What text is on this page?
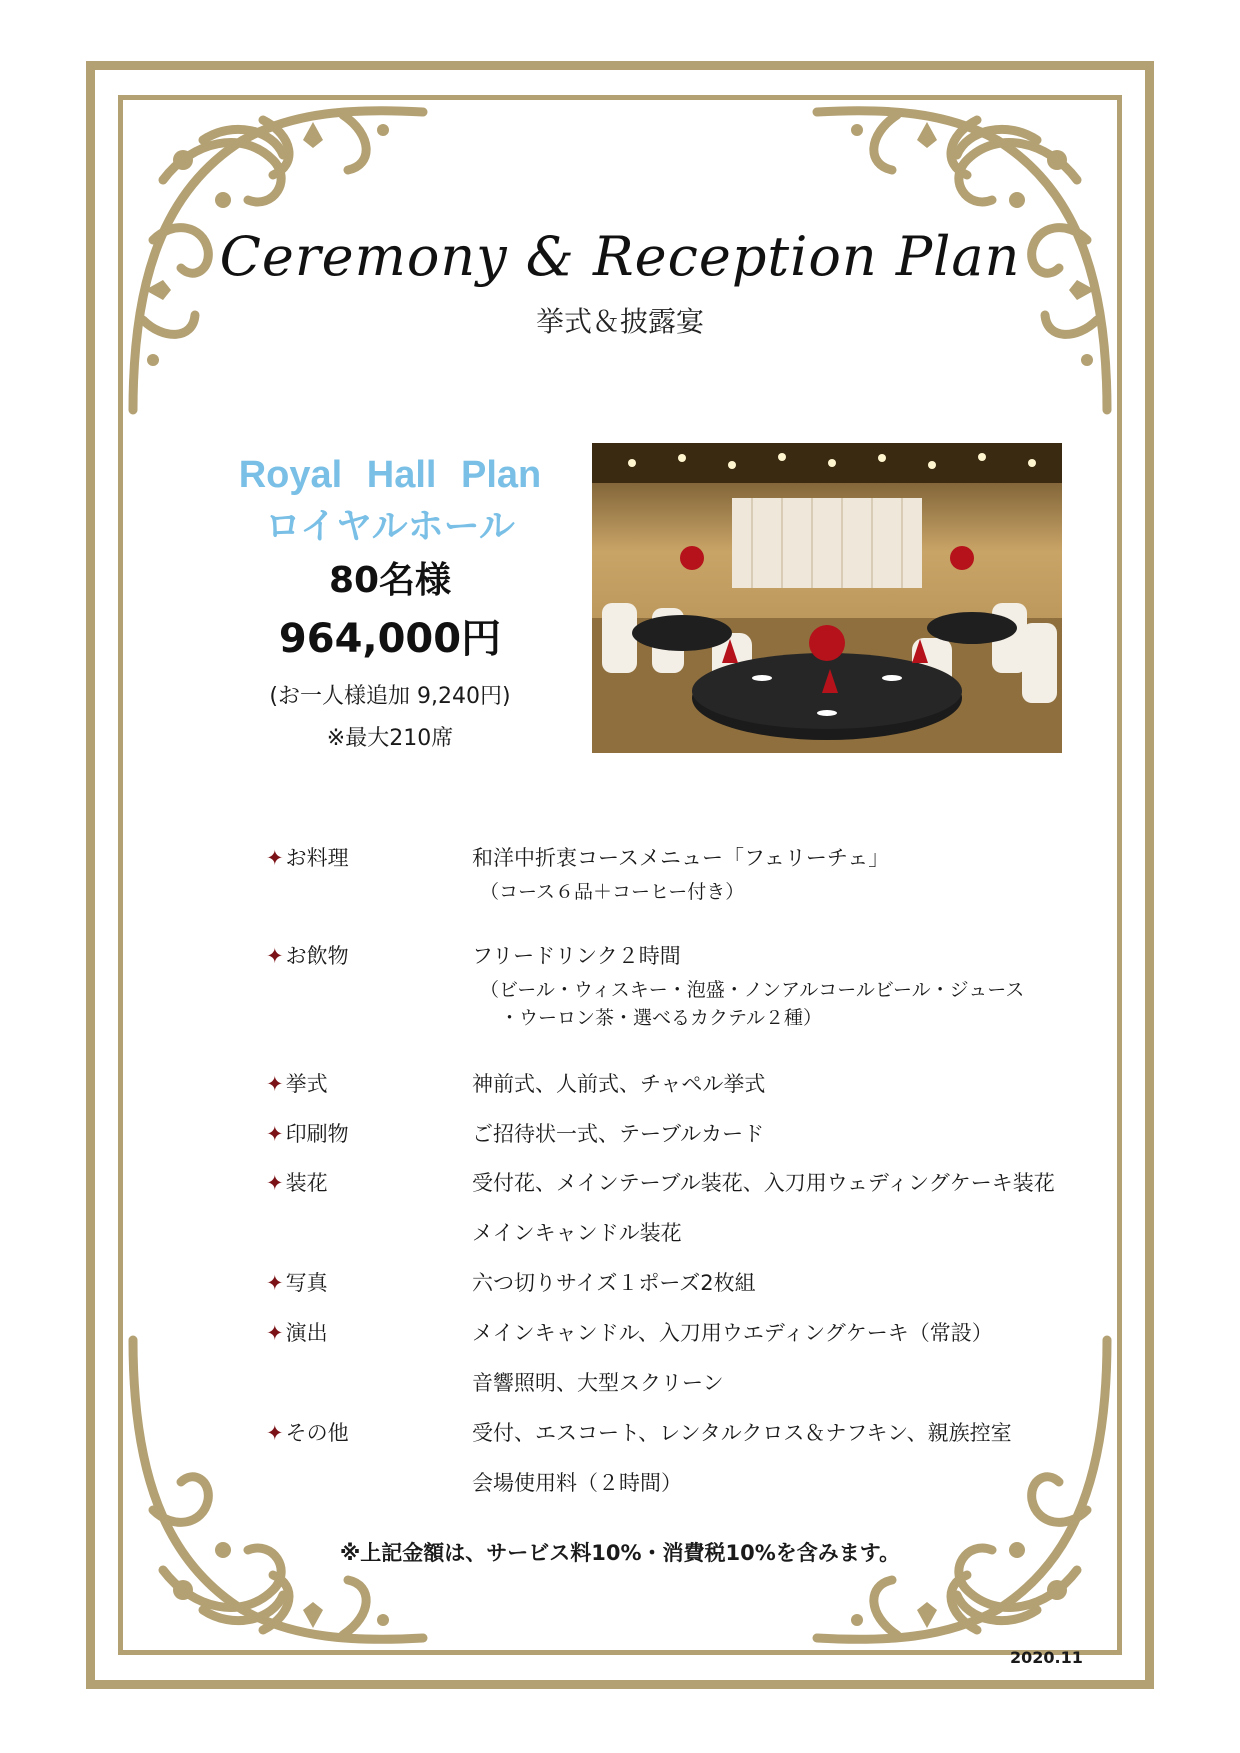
Ceremony & Reception Plan
挙式＆披露宴
Royal Hall Plan
ロイヤルホール
80名様
964,000円
(お一人様追加 9,240円)
※最大210席
✦お料理	和洋中折衷コースメニュー「フェリーチェ」
（コース６品＋コーヒー付き）
✦お飲物	フリードリンク２時間
（ビール・ウィスキー・泡盛・ノンアルコールビール・ジュース
・ウーロン茶・選べるカクテル２種）
✦挙式	神前式、人前式、チャペル挙式
✦印刷物	ご招待状一式、テーブルカード
✦装花	受付花、メインテーブル装花、入刀用ウェディングケーキ装花
メインキャンドル装花
✦写真	六つ切りサイズ１ポーズ2枚組
✦演出	メインキャンドル、入刀用ウエディングケーキ（常設）
音響照明、大型スクリーン
✦その他	受付、エスコート、レンタルクロス＆ナフキン、親族控室
会場使用料（２時間）
※上記金額は、サービス料10%・消費税10%を含みます。
2020.11
